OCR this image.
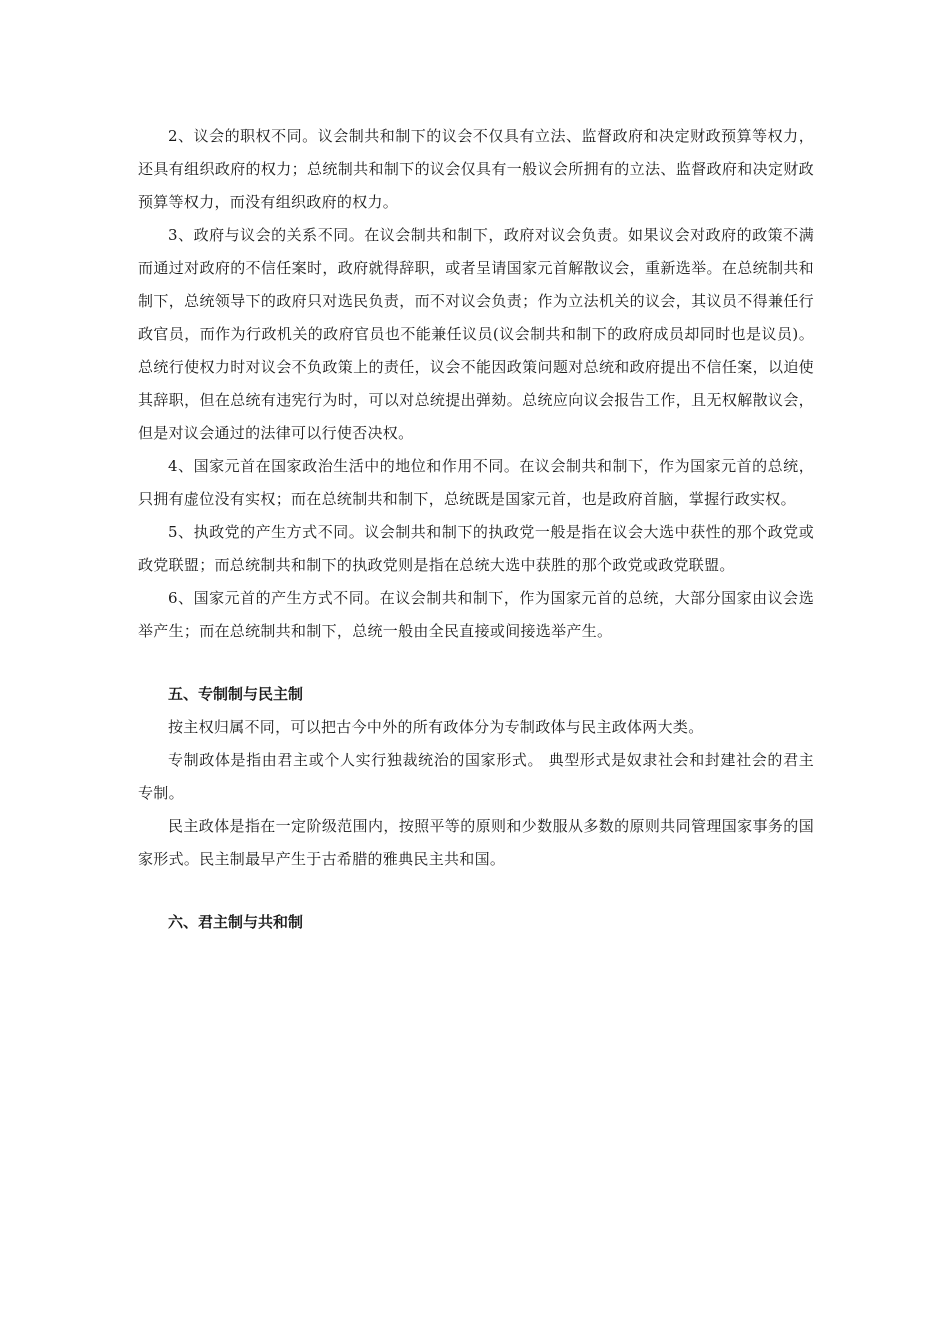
2、议会的职权不同。议会制共和制下的议会不仅具有立法、监督政府和决定财政预算等权力，还具有组织政府的权力；总统制共和制下的议会仅具有一般议会所拥有的立法、监督政府和决定财政预算等权力，而没有组织政府的权力。

3、政府与议会的关系不同。在议会制共和制下，政府对议会负责。如果议会对政府的政策不满而通过对政府的不信任案时，政府就得辞职，或者呈请国家元首解散议会，重新选举。在总统制共和制下，总统领导下的政府只对选民负责，而不对议会负责；作为立法机关的议会，其议员不得兼任行政官员，而作为行政机关的政府官员也不能兼任议员(议会制共和制下的政府成员却同时也是议员)。总统行使权力时对议会不负政策上的责任，议会不能因政策问题对总统和政府提出不信任案，以迫使其辞职，但在总统有违宪行为时，可以对总统提出弹劾。总统应向议会报告工作，且无权解散议会，但是对议会通过的法律可以行使否决权。

4、国家元首在国家政治生活中的地位和作用不同。在议会制共和制下，作为国家元首的总统，只拥有虚位没有实权；而在总统制共和制下，总统既是国家元首，也是政府首脑，掌握行政实权。

5、执政党的产生方式不同。议会制共和制下的执政党一般是指在议会大选中获性的那个政党或政党联盟；而总统制共和制下的执政党则是指在总统大选中获胜的那个政党或政党联盟。

6、国家元首的产生方式不同。在议会制共和制下，作为国家元首的总统，大部分国家由议会选举产生；而在总统制共和制下，总统一般由全民直接或间接选举产生。

五、专制制与民主制

按主权归属不同，可以把古今中外的所有政体分为专制政体与民主政体两大类。

专制政体是指由君主或个人实行独裁统治的国家形式。 典型形式是奴隶社会和封建社会的君主专制。

民主政体是指在一定阶级范围内，按照平等的原则和少数服从多数的原则共同管理国家事务的国家形式。民主制最早产生于古希腊的雅典民主共和国。

六、君主制与共和制
